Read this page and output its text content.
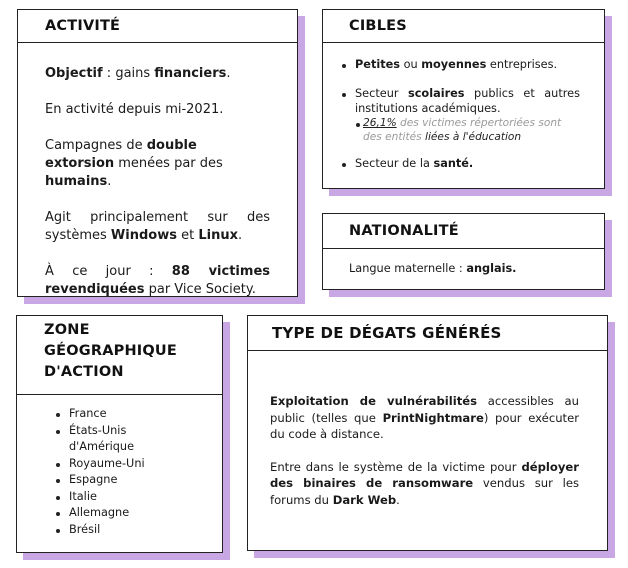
ACTIVITÉ

Objectif : gains financiers.

En activité depuis mi-2021.

Campagnes de double extorsion menées par des humains.

Agit principalement sur des systèmes Windows et Linux.

À ce jour : 88 victimes revendiquées par Vice Society.

CIBLES
Petites ou moyennes entreprises.
Secteur scolaires publics et autres institutions académiques.
26,1% des victimes répertoriées sont des entités liées à l'éducation
Secteur de la santé.
NATIONALITÉ
Langue maternelle : anglais.
ZONE
GÉOGRAPHIQUE
D'ACTION
France
États-Unis d'Amérique
Royaume-Uni
Espagne
Italie
Allemagne
Brésil
TYPE DE DÉGATS GÉNÉRÉS

Exploitation de vulnérabilités accessibles au public (telles que PrintNightmare) pour exécuter du code à distance.

Entre dans le système de la victime pour déployer des binaires de ransomware vendus sur les forums du Dark Web.
